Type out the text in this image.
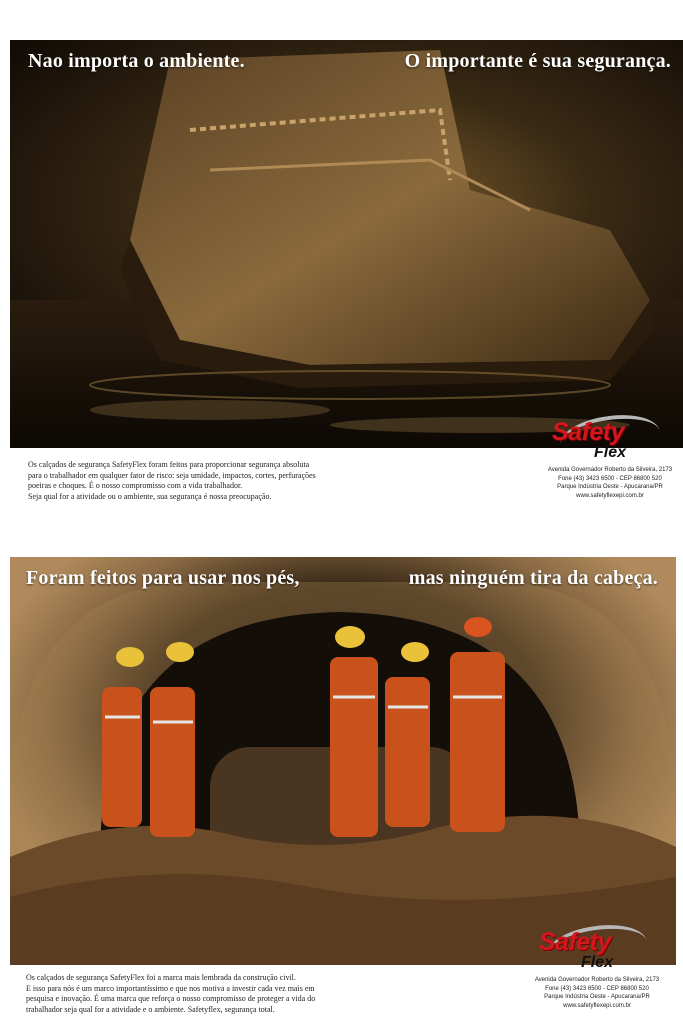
Nao importa o ambiente.	O importante é sua segurança.
Os calçados de segurança SafetyFlex foram feitos para proporcionar segurança absoluta
para o trabalhador em qualquer fator de risco: seja umidade, impactos, cortes, perfurações
poeiras e choques. É o nosso compromisso com a vida trabalhador.
Seja qual for a atividade ou o ambiente, sua segurança é nossa preocupação.
Safety
Flex
Avenida Governador Roberto da Silveira, 2173
Fone (43) 3423 6500 - CEP 86800 520
Parque Indústria Oeste - Apucarana/PR
www.safetyflexepi.com.br
Foram feitos para usar nos pés,	mas ninguém tira da cabeça.
Os calçados de segurança SafetyFlex foi a marca mais lembrada da construção civil.
E isso para nós é um marco importantíssimo e que nos motiva a investir cada vez mais em
pesquisa e inovação. É uma marca que reforça o nosso compromisso de proteger a vida do
trabalhador seja qual for a atividade e o ambiente. Safetyflex, segurança total.
Safety
Flex
Avenida Governador Roberto da Silveira, 2173
Fone (43) 3423 6500 - CEP 86800 520
Parque Indústria Oeste - Apucarana/PR
www.safetyflexepi.com.br
